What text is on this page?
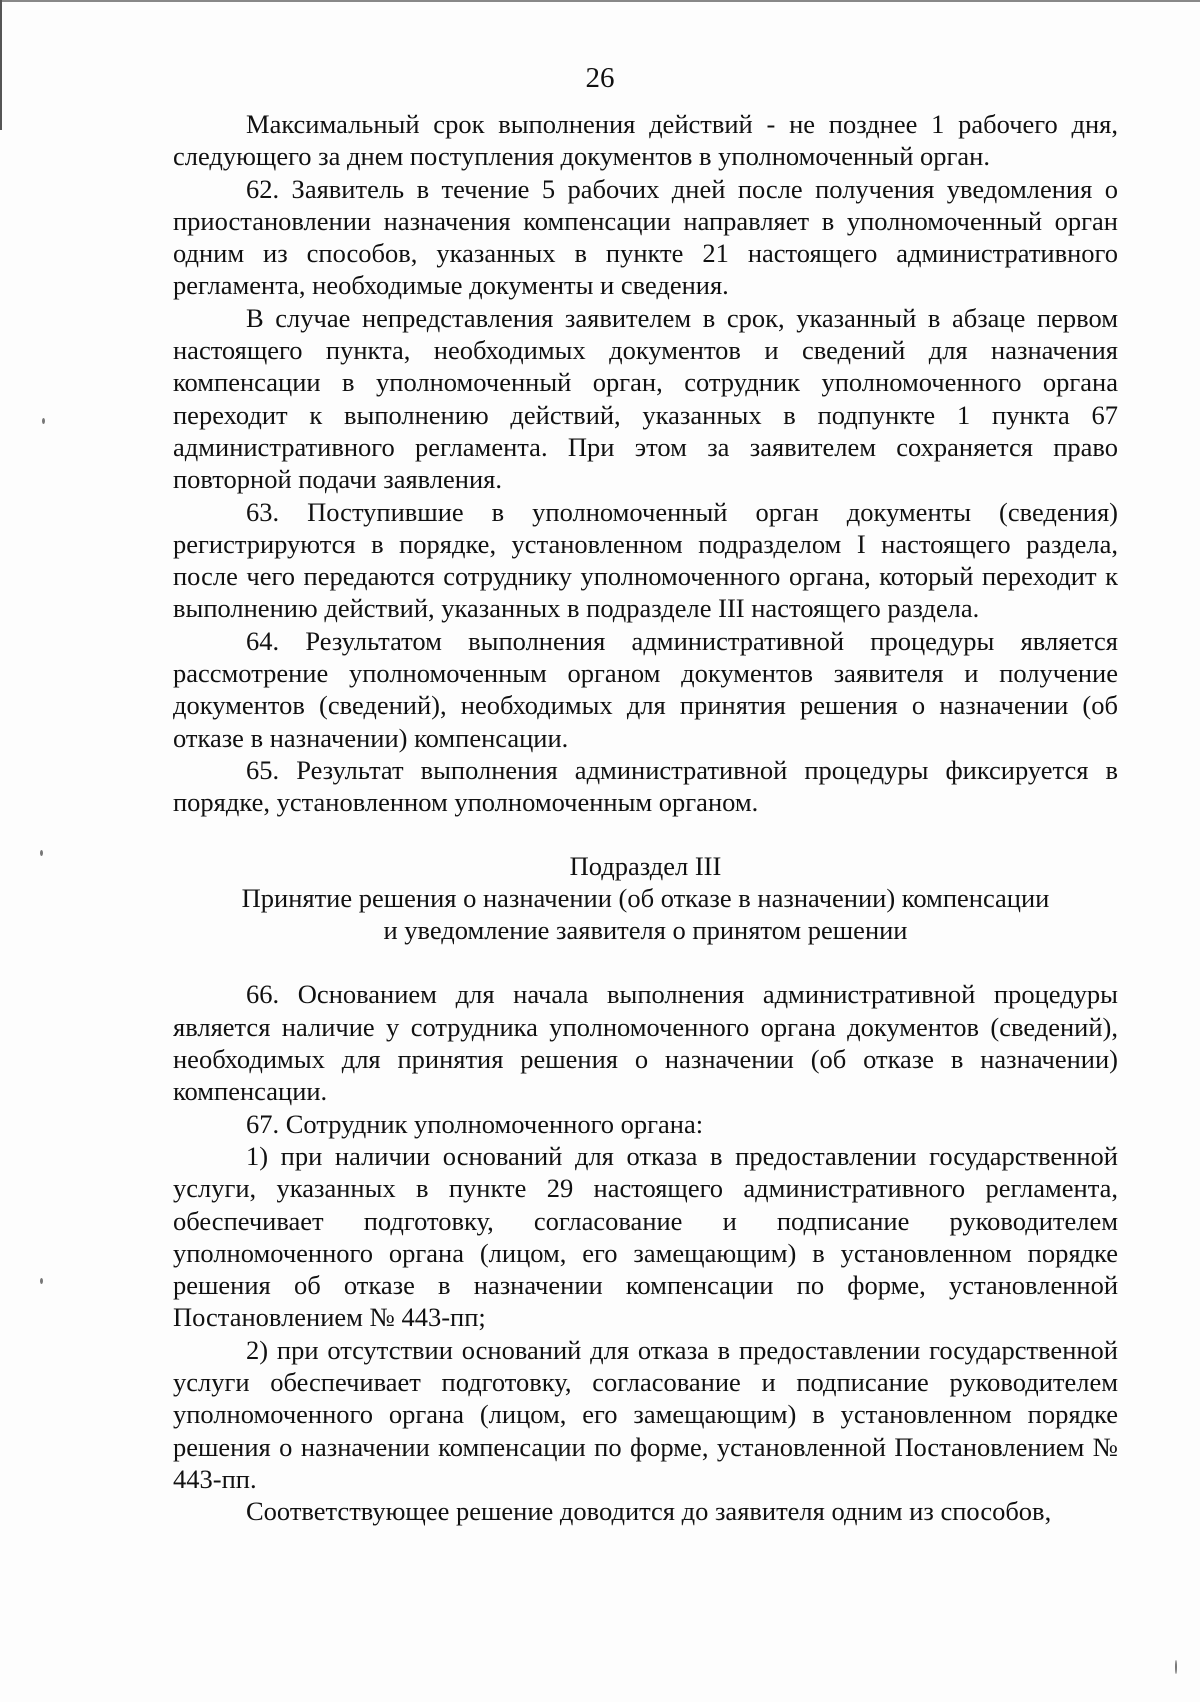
26

Максимальный срок выполнения действий - не позднее 1 рабочего дня, следующего за днем поступления документов в уполномоченный орган.

62. Заявитель в течение 5 рабочих дней после получения уведомления о приостановлении назначения компенсации направляет в уполномоченный орган одним из способов, указанных в пункте 21 настоящего административного регламента, необходимые документы и сведения.

В случае непредставления заявителем в срок, указанный в абзаце первом настоящего пункта, необходимых документов и сведений для назначения компенсации в уполномоченный орган, сотрудник уполномоченного органа переходит к выполнению действий, указанных в подпункте 1 пункта 67 административного регламента. При этом за заявителем сохраняется право повторной подачи заявления.

63. Поступившие в уполномоченный орган документы (сведения) регистрируются в порядке, установленном подразделом I настоящего раздела, после чего передаются сотруднику уполномоченного органа, который переходит к выполнению действий, указанных в подразделе III настоящего раздела.

64. Результатом выполнения административной процедуры является рассмотрение уполномоченным органом документов заявителя и получение документов (сведений), необходимых для принятия решения о назначении (об отказе в назначении) компенсации.

65. Результат выполнения административной процедуры фиксируется в порядке, установленном уполномоченным органом.

Подраздел III

Принятие решения о назначении (об отказе в назначении) компенсации

и уведомление заявителя о принятом решении

66. Основанием для начала выполнения административной процедуры является наличие у сотрудника уполномоченного органа документов (сведений), необходимых для принятия решения о назначении (об отказе в назначении) компенсации.

67. Сотрудник уполномоченного органа:

1) при наличии оснований для отказа в предоставлении государственной услуги, указанных в пункте 29 настоящего административного регламента, обеспечивает подготовку, согласование и подписание руководителем уполномоченного органа (лицом, его замещающим) в установленном порядке решения об отказе в назначении компенсации по форме, установленной Постановлением № 443-пп;

2) при отсутствии оснований для отказа в предоставлении государственной услуги обеспечивает подготовку, согласование и подписание руководителем уполномоченного органа (лицом, его замещающим) в установленном порядке решения о назначении компенсации по форме, установленной Постановлением № 443-пп.

Соответствующее решение доводится до заявителя одним из способов,
